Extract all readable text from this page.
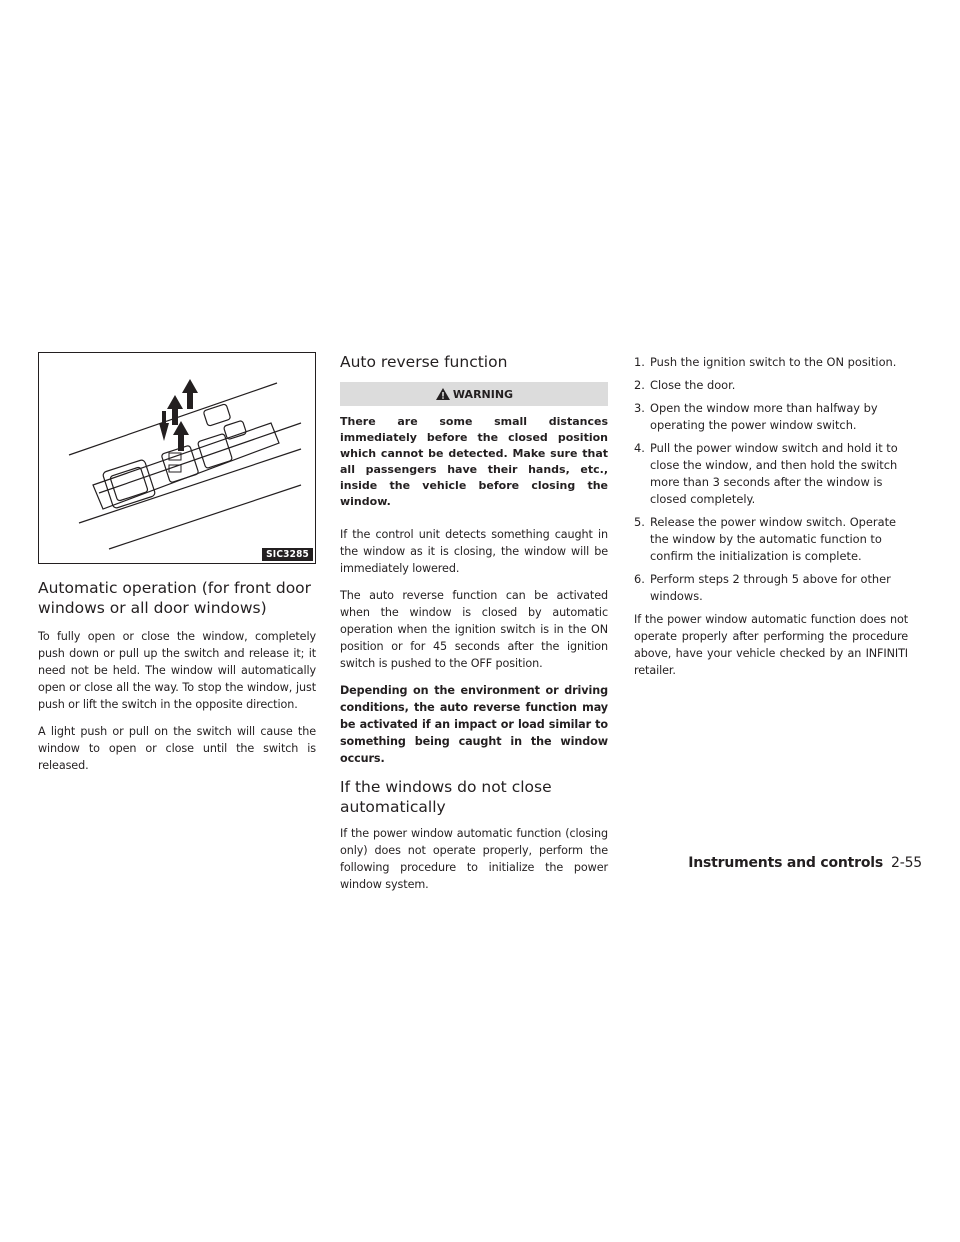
SIC3285
Automatic operation (for front door windows or all door windows)

To fully open or close the window, completely push down or pull up the switch and release it; it need not be held. The window will automatically open or close all the way. To stop the window, just push or lift the switch in the opposite direction.

A light push or pull on the switch will cause the window to open or close until the switch is released.

Auto reverse function
WARNING
There are some small distances immediately before the closed position which cannot be detected. Make sure that all passengers have their hands, etc., inside the vehicle before closing the window.

If the control unit detects something caught in the window as it is closing, the window will be immediately lowered.

The auto reverse function can be activated when the window is closed by automatic operation when the ignition switch is in the ON position or for 45 seconds after the ignition switch is pushed to the OFF position.

Depending on the environment or driving conditions, the auto reverse function may be activated if an impact or load similar to something being caught in the window occurs.

If the windows do not close automatically

If the power window automatic function (closing only) does not operate properly, perform the following procedure to initialize the power window system.

1. Push the ignition switch to the ON position.
2. Close the door.
3. Open the window more than halfway by operating the power window switch.
4. Pull the power window switch and hold it to close the window, and then hold the switch more than 3 seconds after the window is closed completely.
5. Release the power window switch. Operate the window by the automatic function to confirm the initialization is complete.
6. Perform steps 2 through 5 above for other windows.

If the power window automatic function does not operate properly after performing the procedure above, have your vehicle checked by an INFINITI retailer.

Instruments and controls 2-55
